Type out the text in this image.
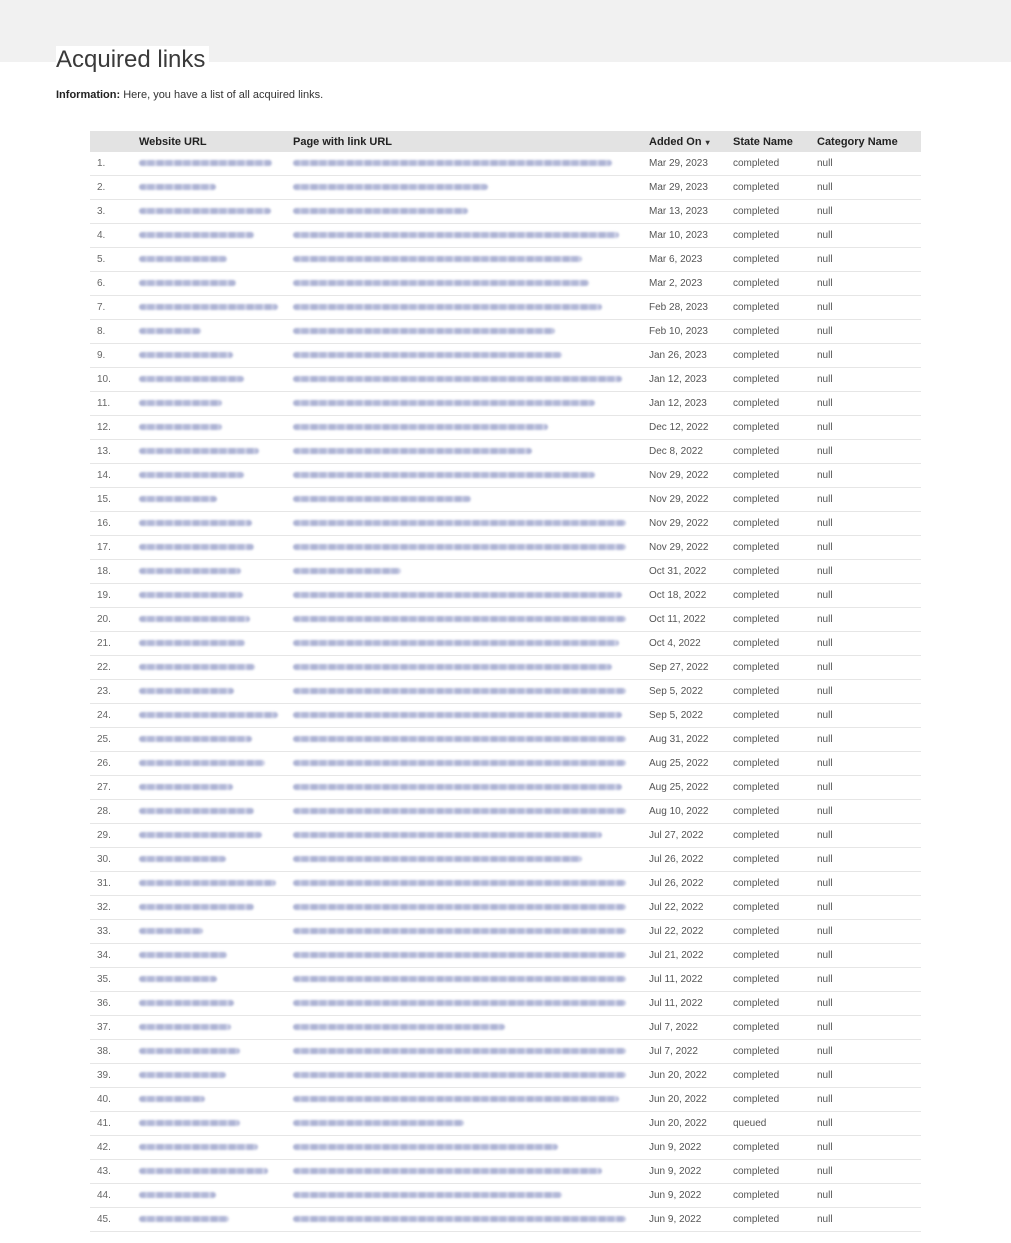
Acquired links
Information: Here, you have a list of all acquired links.
	Website URL	Page with link URL	Added On ▾	State Name	Category Name
1.			Mar 29, 2023	completed	null
2.			Mar 29, 2023	completed	null
3.			Mar 13, 2023	completed	null
4.			Mar 10, 2023	completed	null
5.			Mar 6, 2023	completed	null
6.			Mar 2, 2023	completed	null
7.			Feb 28, 2023	completed	null
8.			Feb 10, 2023	completed	null
9.			Jan 26, 2023	completed	null
10.			Jan 12, 2023	completed	null
11.			Jan 12, 2023	completed	null
12.			Dec 12, 2022	completed	null
13.			Dec 8, 2022	completed	null
14.			Nov 29, 2022	completed	null
15.			Nov 29, 2022	completed	null
16.			Nov 29, 2022	completed	null
17.			Nov 29, 2022	completed	null
18.			Oct 31, 2022	completed	null
19.			Oct 18, 2022	completed	null
20.			Oct 11, 2022	completed	null
21.			Oct 4, 2022	completed	null
22.			Sep 27, 2022	completed	null
23.			Sep 5, 2022	completed	null
24.			Sep 5, 2022	completed	null
25.			Aug 31, 2022	completed	null
26.			Aug 25, 2022	completed	null
27.			Aug 25, 2022	completed	null
28.			Aug 10, 2022	completed	null
29.			Jul 27, 2022	completed	null
30.			Jul 26, 2022	completed	null
31.			Jul 26, 2022	completed	null
32.			Jul 22, 2022	completed	null
33.			Jul 22, 2022	completed	null
34.			Jul 21, 2022	completed	null
35.			Jul 11, 2022	completed	null
36.			Jul 11, 2022	completed	null
37.			Jul 7, 2022	completed	null
38.			Jul 7, 2022	completed	null
39.			Jun 20, 2022	completed	null
40.			Jun 20, 2022	completed	null
41.			Jun 20, 2022	queued	null
42.			Jun 9, 2022	completed	null
43.			Jun 9, 2022	completed	null
44.			Jun 9, 2022	completed	null
45.			Jun 9, 2022	completed	null
